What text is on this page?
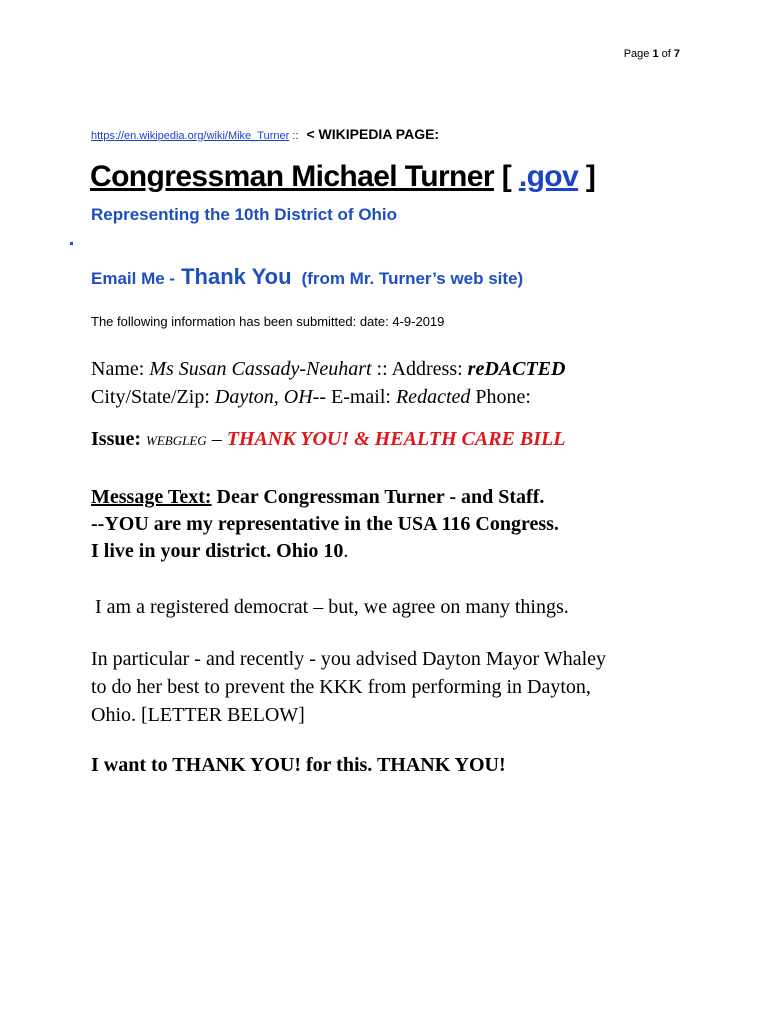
Page 1 of 7
https://en.wikipedia.org/wiki/Mike_Turner :: < WIKIPEDIA PAGE:
Congressman Michael Turner [ .gov ]
Representing the 10th District of Ohio
Email Me - Thank You (from Mr. Turner’s web site)
The following information has been submitted: date: 4-9-2019
Name: Ms Susan Cassady-Neuhart :: Address: reDACTED
City/State/Zip: Dayton, OH-- E-mail: Redacted Phone:
Issue: WEBGLEG – THANK YOU! & HEALTH CARE BILL
Message Text: Dear Congressman Turner - and Staff.
--YOU are my representative in the USA 116 Congress.
I live in your district. Ohio 10.
I am a registered democrat – but, we agree on many things.
In particular - and recently - you advised Dayton Mayor Whaley
to do her best to prevent the KKK from performing in Dayton,
Ohio. [LETTER BELOW]
I want to THANK YOU! for this. THANK YOU!
